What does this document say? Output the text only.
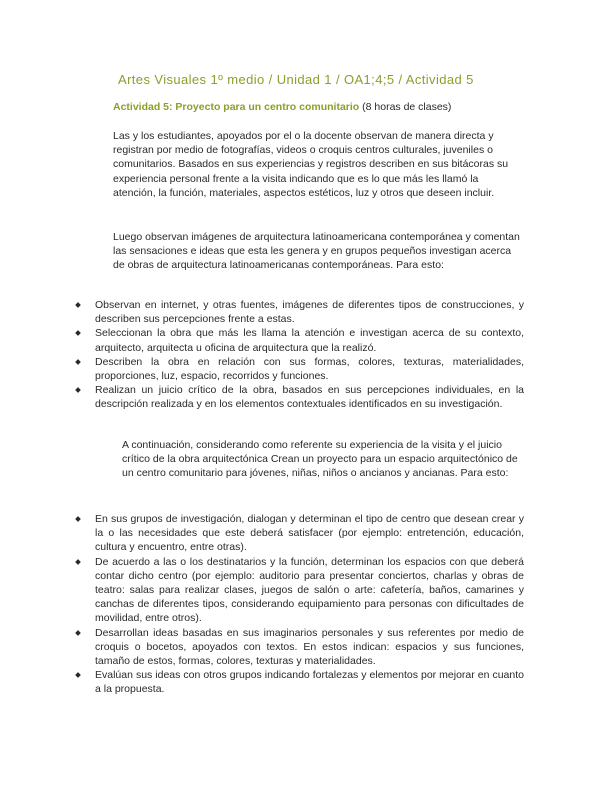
Artes Visuales 1º medio / Unidad 1 / OA1;4;5 / Actividad 5
Actividad 5: Proyecto para un centro comunitario (8 horas de clases)

Las y los estudiantes, apoyados por el o la docente observan de manera directa y registran por medio de fotografías, videos o croquis centros culturales, juveniles o comunitarios. Basados en sus experiencias y registros describen en sus bitácoras su experiencia personal frente a la visita indicando que es lo que más les llamó la atención, la función, materiales, aspectos estéticos, luz y otros que deseen incluir.

Luego observan imágenes de arquitectura latinoamericana contemporánea y comentan las sensaciones e ideas que esta les genera y en grupos pequeños investigan acerca de obras de arquitectura latinoamericanas contemporáneas. Para esto:

Observan en internet, y otras fuentes, imágenes de diferentes tipos de construcciones, y describen sus percepciones frente a estas.
Seleccionan la obra que más les llama la atención e investigan acerca de su contexto, arquitecto, arquitecta u oficina de arquitectura que la realizó.
Describen la obra en relación con sus formas, colores, texturas, materialidades, proporciones, luz, espacio, recorridos y funciones.
Realizan un juicio crítico de la obra, basados en sus percepciones individuales, en la descripción realizada y en los elementos contextuales identificados en su investigación.

A continuación, considerando como referente su experiencia de la visita y el juicio crítico de la obra arquitectónica Crean un proyecto para un espacio arquitectónico de un centro comunitario para jóvenes, niñas, niños o ancianos y ancianas. Para esto:

En sus grupos de investigación, dialogan y determinan el tipo de centro que desean crear y la o las necesidades que este deberá satisfacer (por ejemplo: entretención, educación, cultura y encuentro, entre otras).
De acuerdo a las o los destinatarios y la función, determinan los espacios con que deberá contar dicho centro (por ejemplo: auditorio para presentar conciertos, charlas y obras de teatro: salas para realizar clases, juegos de salón o arte: cafetería, baños, camarines y canchas de diferentes tipos, considerando equipamiento para personas con dificultades de movilidad, entre otros).
Desarrollan ideas basadas en sus imaginarios personales y sus referentes por medio de croquis o bocetos, apoyados con textos. En estos indican: espacios y sus funciones, tamaño de estos, formas, colores, texturas y materialidades.
Evalúan sus ideas con otros grupos indicando fortalezas y elementos por mejorar en cuanto a la propuesta.
